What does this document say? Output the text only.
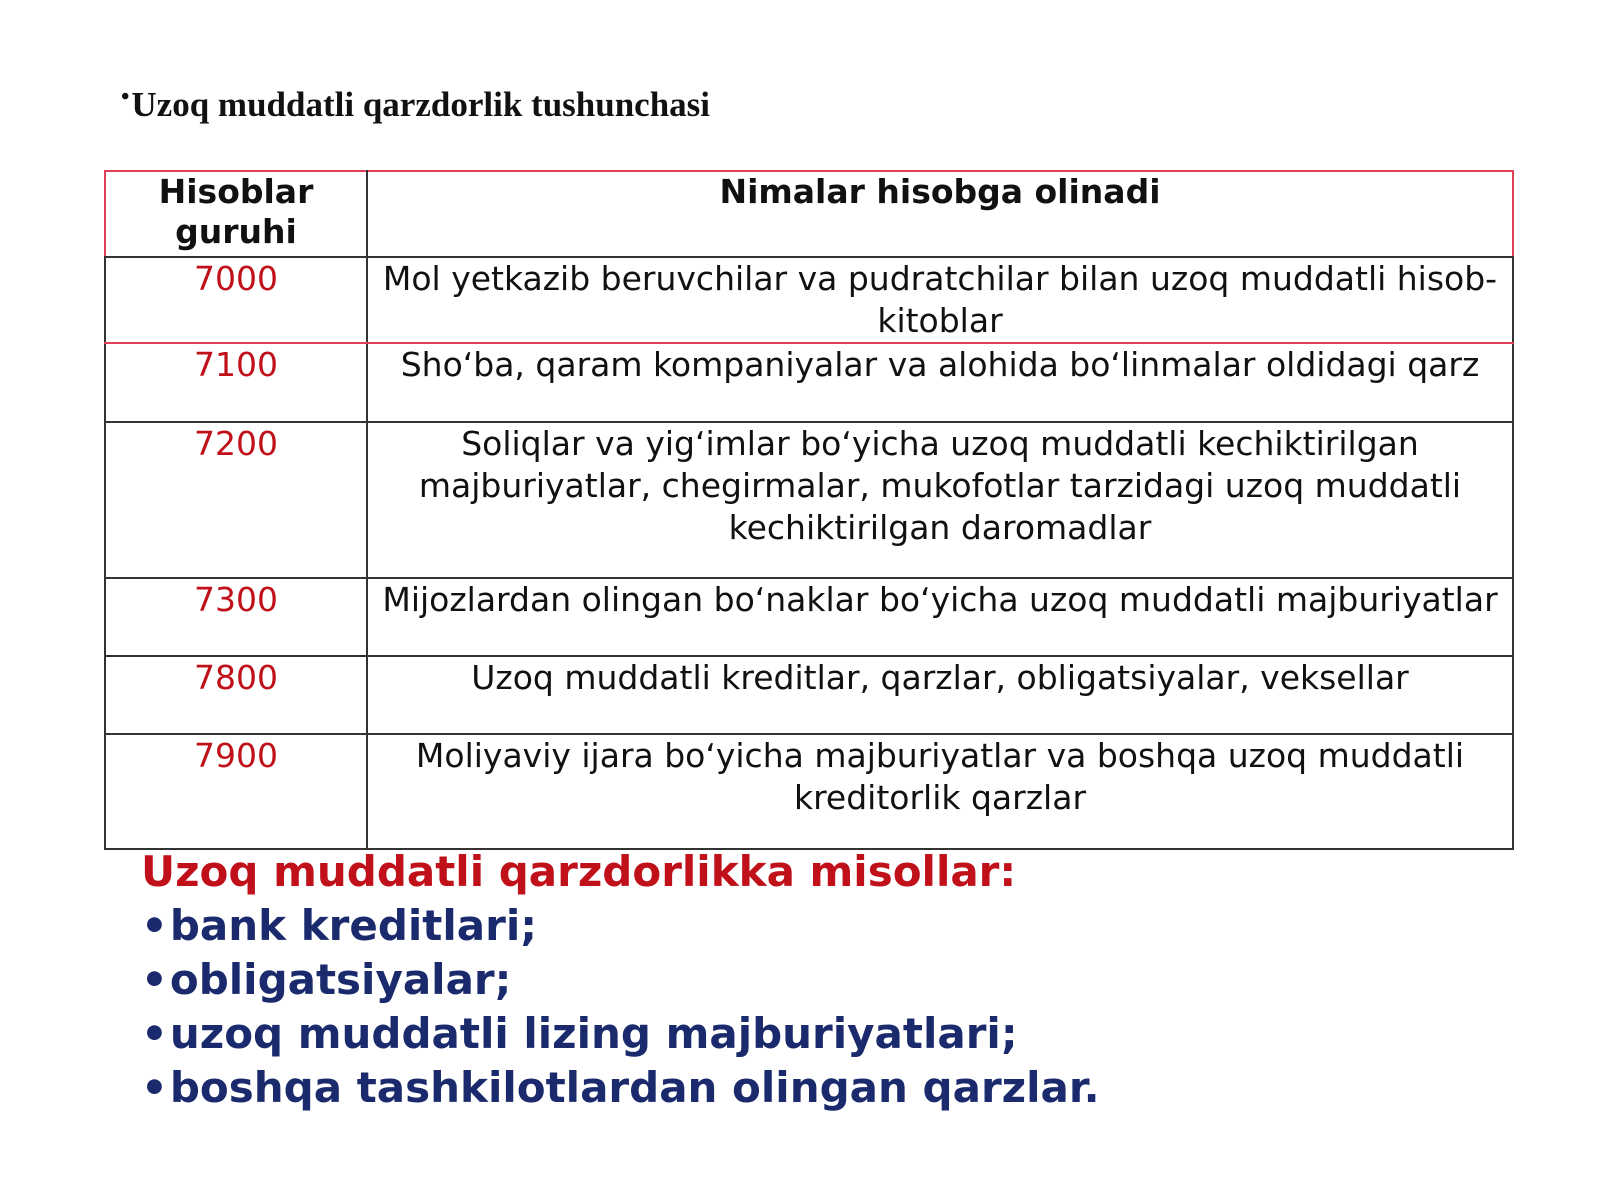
•Uzoq muddatli qarzdorlik tushunchasi
Hisoblar guruhi	Nimalar hisobga olinadi
7000	Mol yetkazib beruvchilar va pudratchilar bilan uzoq muddatli hisob-kitoblar
7100	Sho‘ba, qaram kompaniyalar va alohida bo‘linmalar oldidagi qarz
7200	Soliqlar va yig‘imlar bo‘yicha uzoq muddatli kechiktirilgan majburiyatlar, chegirmalar, mukofotlar tarzidagi uzoq muddatli kechiktirilgan daromadlar
7300	Mijozlardan olingan bo‘naklar bo‘yicha uzoq muddatli majburiyatlar
7800	Uzoq muddatli kreditlar, qarzlar, obligatsiyalar, veksellar
7900	Moliyaviy ijara bo‘yicha majburiyatlar va boshqa uzoq muddatli kreditorlik qarzlar
Uzoq muddatli qarzdorlikka misollar:
•bank kreditlari;
•obligatsiyalar;
•uzoq muddatli lizing majburiyatlari;
•boshqa tashkilotlardan olingan qarzlar.
